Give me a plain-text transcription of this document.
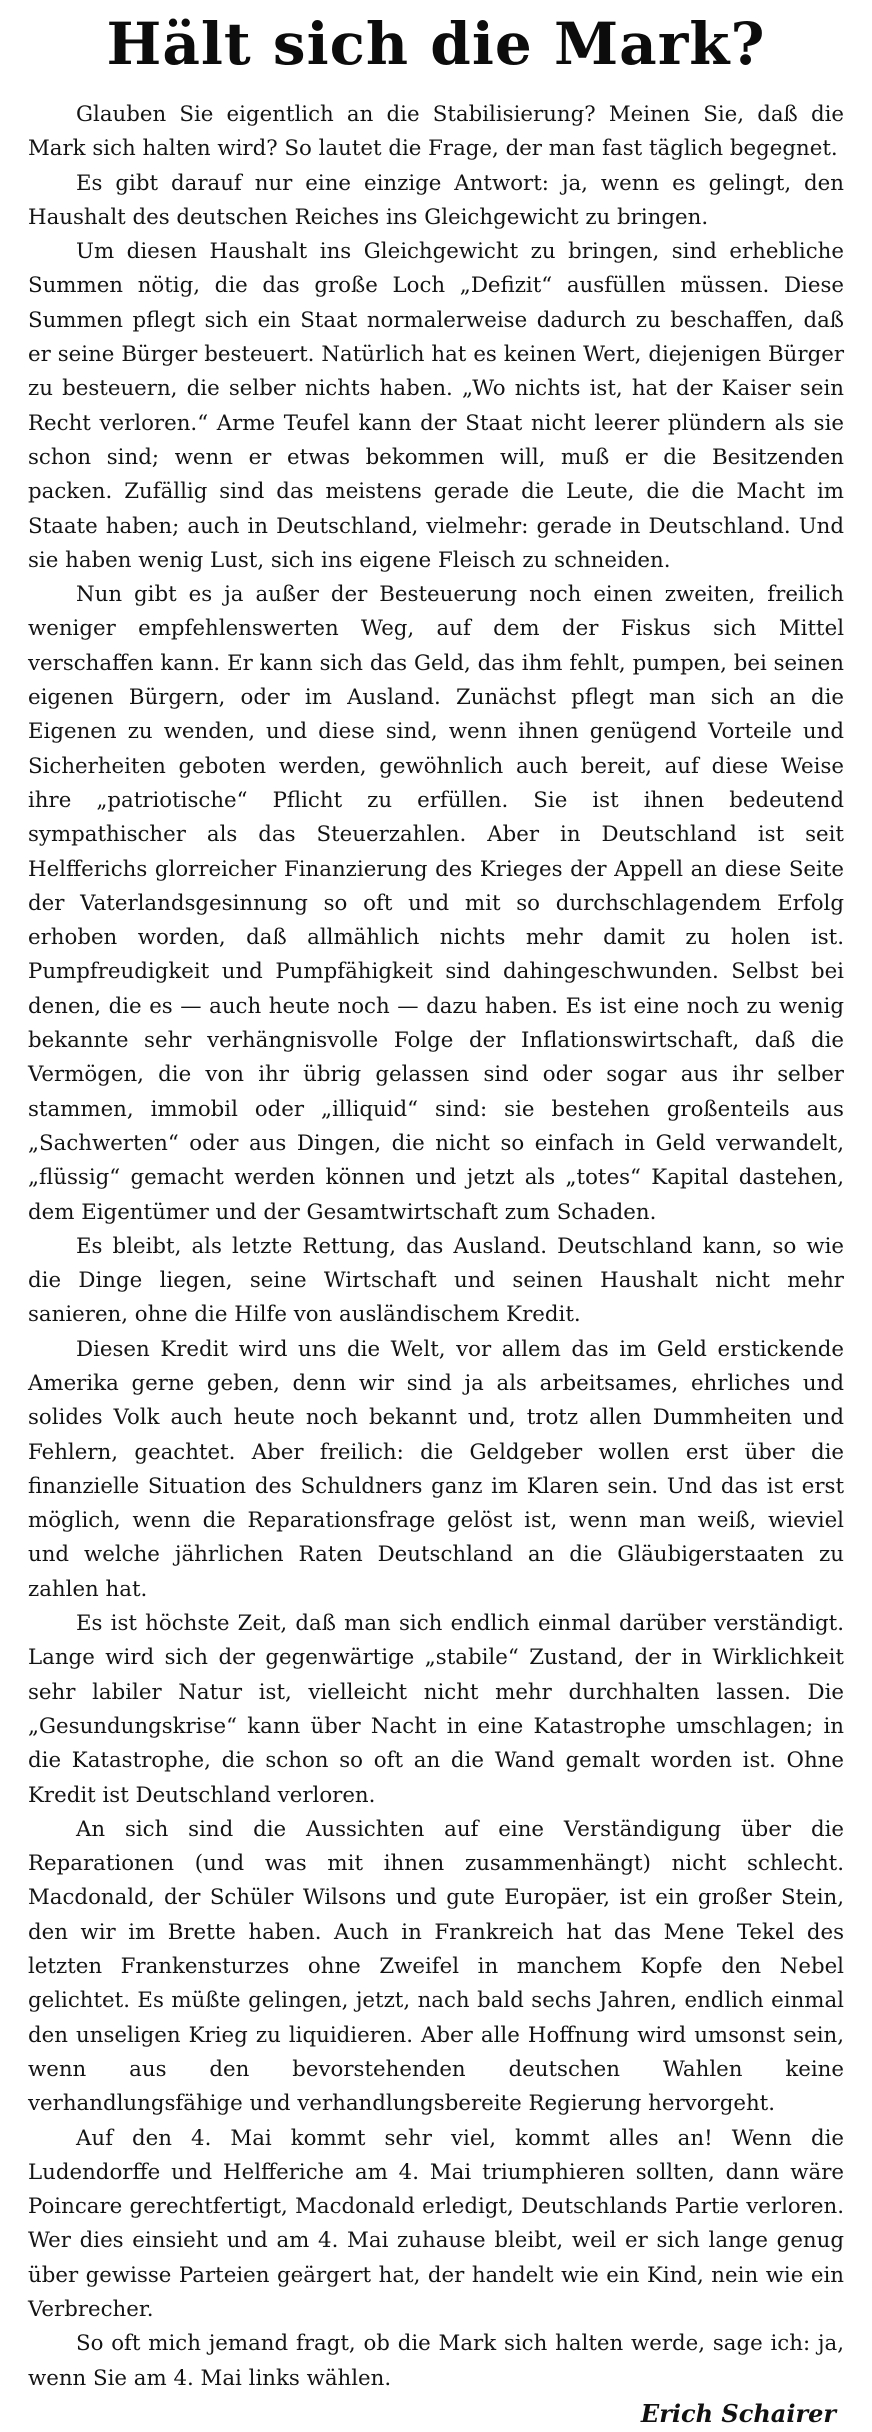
Hält sich die Mark?

Glauben Sie eigentlich an die Stabilisierung? Meinen Sie, daß die Mark sich halten wird? So lautet die Frage, der man fast täglich begegnet.

Es gibt darauf nur eine einzige Antwort: ja, wenn es gelingt, den Haushalt des deutschen Reiches ins Gleichgewicht zu bringen.

Um diesen Haushalt ins Gleichgewicht zu bringen, sind erhebliche Summen nötig, die das große Loch „Defizit“ ausfüllen müssen. Diese Summen pflegt sich ein Staat normalerweise dadurch zu beschaffen, daß er seine Bürger besteuert. Natürlich hat es keinen Wert, diejenigen Bürger zu besteuern, die selber nichts haben. „Wo nichts ist, hat der Kaiser sein Recht verloren.“ Arme Teufel kann der Staat nicht leerer plündern als sie schon sind; wenn er etwas bekommen will, muß er die Besitzenden packen. Zufällig sind das meistens gerade die Leute, die die Macht im Staate haben; auch in Deutschland, vielmehr: gerade in Deutschland. Und sie haben wenig Lust, sich ins eigene Fleisch zu schneiden.

Nun gibt es ja außer der Besteuerung noch einen zweiten, freilich weniger empfehlenswerten Weg, auf dem der Fiskus sich Mittel verschaffen kann. Er kann sich das Geld, das ihm fehlt, pumpen, bei seinen eigenen Bürgern, oder im Ausland. Zunächst pflegt man sich an die Eigenen zu wenden, und diese sind, wenn ihnen genügend Vorteile und Sicherheiten geboten werden, gewöhnlich auch bereit, auf diese Weise ihre „patriotische“ Pflicht zu erfüllen. Sie ist ihnen bedeutend sympathischer als das Steuerzahlen. Aber in Deutschland ist seit Helfferichs glorreicher Finanzierung des Krieges der Appell an diese Seite der Vaterlandsgesinnung so oft und mit so durchschlagendem Erfolg erhoben worden, daß allmählich nichts mehr damit zu holen ist. Pumpfreudigkeit und Pumpfähigkeit sind dahingeschwunden. Selbst bei denen, die es — auch heute noch — dazu haben. Es ist eine noch zu wenig bekannte sehr verhängnisvolle Folge der Inflationswirtschaft, daß die Vermögen, die von ihr übrig gelassen sind oder sogar aus ihr selber stammen, immobil oder „illiquid“ sind: sie bestehen großenteils aus „Sachwerten“ oder aus Dingen, die nicht so einfach in Geld verwandelt, „flüssig“ gemacht werden können und jetzt als „totes“ Kapital dastehen, dem Eigentümer und der Gesamtwirtschaft zum Schaden.

Es bleibt, als letzte Rettung, das Ausland. Deutschland kann, so wie die Dinge liegen, seine Wirtschaft und seinen Haushalt nicht mehr sanieren, ohne die Hilfe von ausländischem Kredit.

Diesen Kredit wird uns die Welt, vor allem das im Geld erstickende Amerika gerne geben, denn wir sind ja als arbeitsames, ehrliches und solides Volk auch heute noch bekannt und, trotz allen Dummheiten und Fehlern, geachtet. Aber freilich: die Geldgeber wollen erst über die finanzielle Situation des Schuldners ganz im Klaren sein. Und das ist erst möglich, wenn die Reparationsfrage gelöst ist, wenn man weiß, wieviel und welche jährlichen Raten Deutschland an die Gläubigerstaaten zu zahlen hat.

Es ist höchste Zeit, daß man sich endlich einmal darüber verständigt. Lange wird sich der gegenwärtige „stabile“ Zustand, der in Wirklichkeit sehr labiler Natur ist, vielleicht nicht mehr durchhalten lassen. Die „Gesundungskrise“ kann über Nacht in eine Katastrophe umschlagen; in die Katastrophe, die schon so oft an die Wand gemalt worden ist. Ohne Kredit ist Deutschland verloren.

An sich sind die Aussichten auf eine Verständigung über die Reparationen (und was mit ihnen zusammenhängt) nicht schlecht. Macdonald, der Schüler Wilsons und gute Europäer, ist ein großer Stein, den wir im Brette haben. Auch in Frankreich hat das Mene Tekel des letzten Frankensturzes ohne Zweifel in manchem Kopfe den Nebel gelichtet. Es müßte gelingen, jetzt, nach bald sechs Jahren, endlich einmal den unseligen Krieg zu liquidieren. Aber alle Hoffnung wird umsonst sein, wenn aus den bevorstehenden deutschen Wahlen keine verhandlungsfähige und verhandlungsbereite Regierung hervorgeht.

Auf den 4. Mai kommt sehr viel, kommt alles an! Wenn die Ludendorffe und Helfferiche am 4. Mai triumphieren sollten, dann wäre Poincare gerechtfertigt, Macdonald erledigt, Deutschlands Partie verloren. Wer dies einsieht und am 4. Mai zuhause bleibt, weil er sich lange genug über gewisse Parteien geärgert hat, der handelt wie ein Kind, nein wie ein Verbrecher.

So oft mich jemand fragt, ob die Mark sich halten werde, sage ich: ja, wenn Sie am 4. Mai links wählen.

Erich Schairer
